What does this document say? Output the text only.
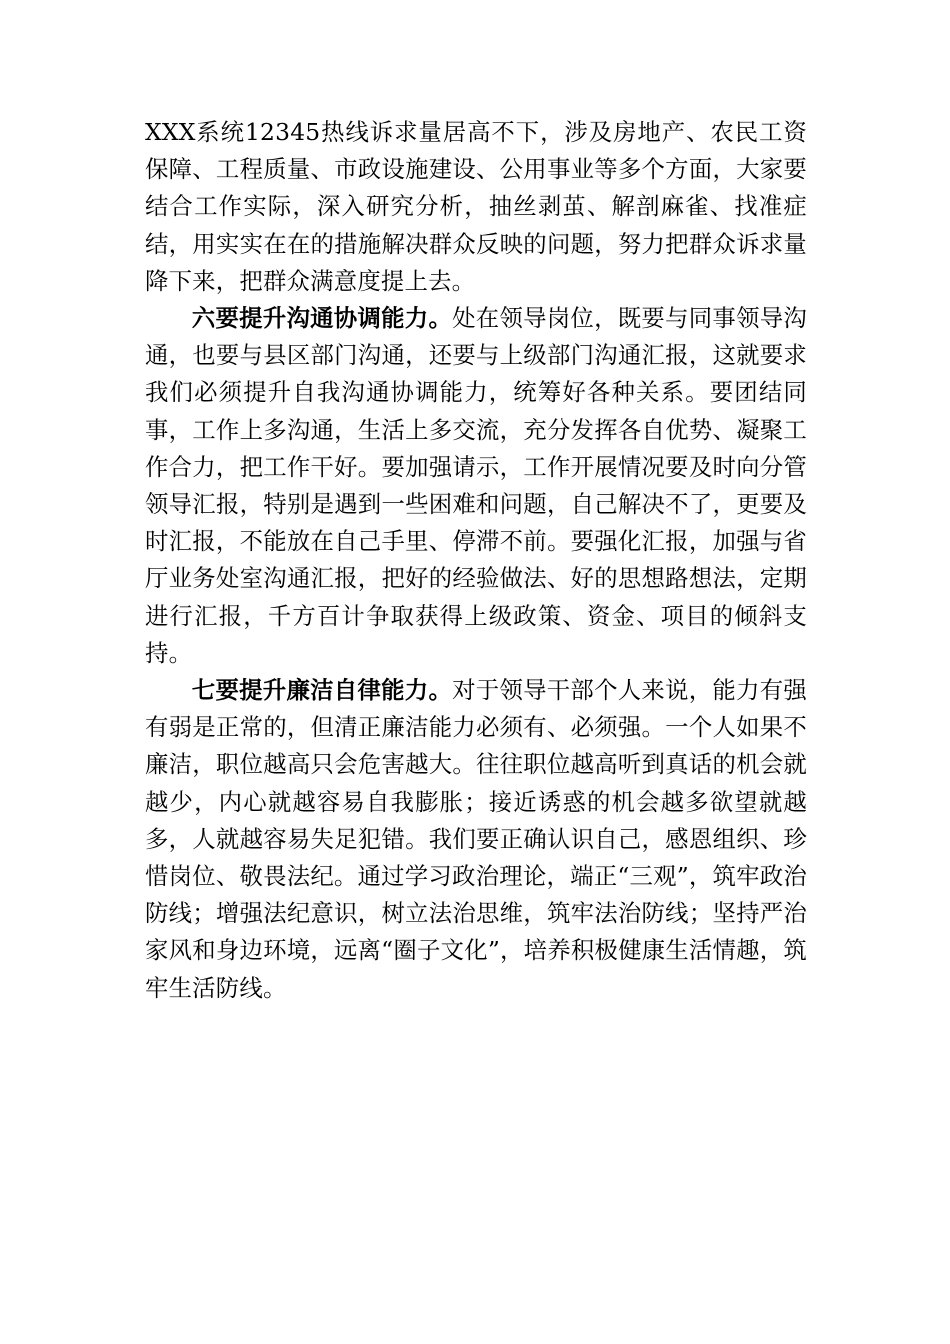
XXX系统12345热线诉求量居高不下，涉及房地产、农民工资保障、工程质量、市政设施建设、公用事业等多个方面，大家要结合工作实际，深入研究分析，抽丝剥茧、解剖麻雀、找准症结，用实实在在的措施解决群众反映的问题，努力把群众诉求量降下来，把群众满意度提上去。

六要提升沟通协调能力。处在领导岗位，既要与同事领导沟通，也要与县区部门沟通，还要与上级部门沟通汇报，这就要求我们必须提升自我沟通协调能力，统筹好各种关系。要团结同事，工作上多沟通，生活上多交流，充分发挥各自优势、凝聚工作合力，把工作干好。要加强请示，工作开展情况要及时向分管领导汇报，特别是遇到一些困难和问题，自己解决不了，更要及时汇报，不能放在自己手里、停滞不前。要强化汇报，加强与省厅业务处室沟通汇报，把好的经验做法、好的思想路想法，定期进行汇报，千方百计争取获得上级政策、资金、项目的倾斜支持。

七要提升廉洁自律能力。对于领导干部个人来说，能力有强有弱是正常的，但清正廉洁能力必须有、必须强。一个人如果不廉洁，职位越高只会危害越大。往往职位越高听到真话的机会就越少，内心就越容易自我膨胀；接近诱惑的机会越多欲望就越多，人就越容易失足犯错。我们要正确认识自己，感恩组织、珍惜岗位、敬畏法纪。通过学习政治理论，端正“三观”，筑牢政治防线；增强法纪意识，树立法治思维，筑牢法治防线；坚持严治家风和身边环境，远离“圈子文化”，培养积极健康生活情趣，筑牢生活防线。
